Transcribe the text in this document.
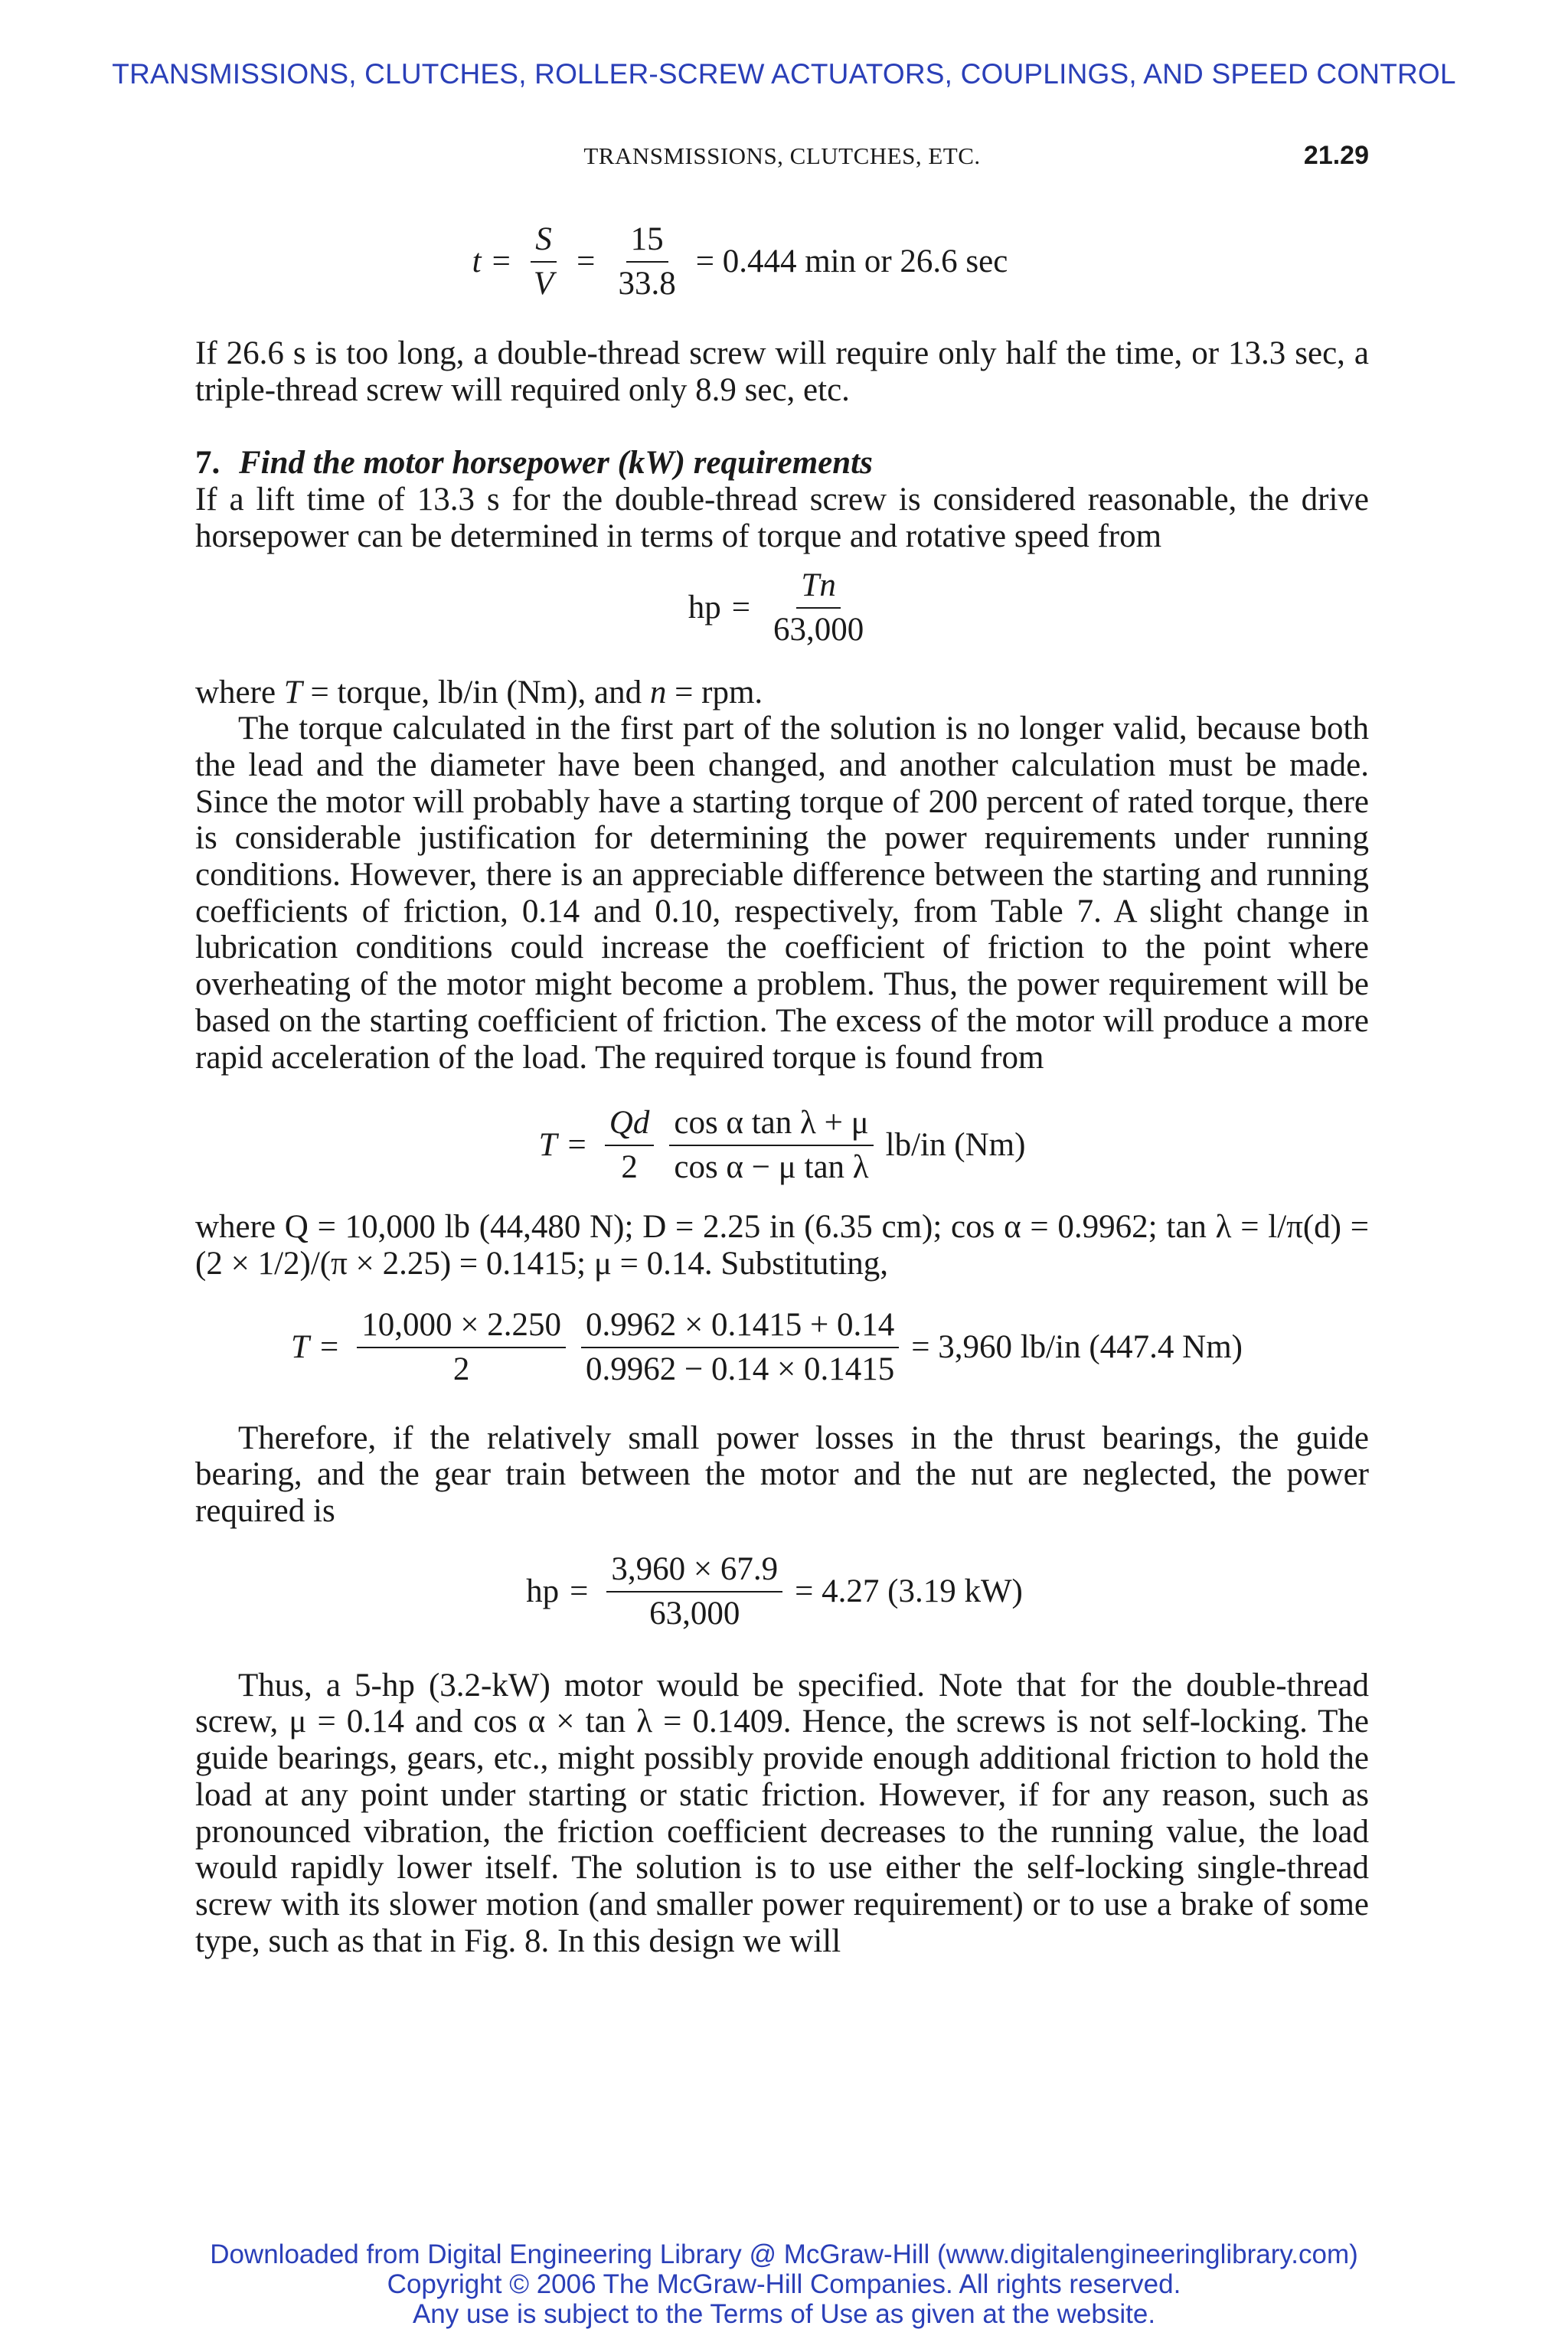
TRANSMISSIONS, CLUTCHES, ROLLER-SCREW ACTUATORS, COUPLINGS, AND SPEED CONTROL
TRANSMISSIONS, CLUTCHES, ETC.	21.29
$t = \frac{S}{V} = \frac{15}{33.8} = 0.444$ min or 26.6 sec

If 26.6 s is too long, a double-thread screw will require only half the time, or 13.3 sec, a triple-thread screw will required only 8.9 sec, etc.

7. Find the motor horsepower (kW) requirements

If a lift time of 13.3 s for the double-thread screw is considered reasonable, the drive horsepower can be determined in terms of torque and rotative speed from

hp = $\frac{Tn}{63,000}$

where T = torque, lb/in (Nm), and n = rpm.

The torque calculated in the first part of the solution is no longer valid, because both the lead and the diameter have been changed, and another calculation must be made. Since the motor will probably have a starting torque of 200 percent of rated torque, there is considerable justification for determining the power requirements under running conditions. However, there is an appreciable difference between the starting and running coefficients of friction, 0.14 and 0.10, respectively, from Table 7. A slight change in lubrication conditions could increase the coefficient of friction to the point where overheating of the motor might become a problem. Thus, the power requirement will be based on the starting coefficient of friction. The excess of the motor will produce a more rapid acceleration of the load. The required torque is found from

$T = \frac{Qd}{2} \frac{\text{cos α tan λ + μ}}{\text{cos α − μ tan λ}} lb/in$ (Nm)

where Q = 10,000 lb (44,480 N); D = 2.25 in (6.35 cm); cos α = 0.9962; tan λ = l/π(d) = (2 × 1/2)/(π × 2.25) = 0.1415; μ = 0.14. Substituting,

$T = \frac{10,000 \times 2.250}{2} \frac{0.9962 \times 0.1415 + 0.14}{0.9962 - 0.14 \times 0.1415} = 3,960$ lb/in (447.4 Nm)

Therefore, if the relatively small power losses in the thrust bearings, the guide bearing, and the gear train between the motor and the nut are neglected, the power required is

hp = $\frac{3,960 \times 67.9}{63,000} = 4.27$ (3.19 kW)

Thus, a 5-hp (3.2-kW) motor would be specified. Note that for the double-thread screw, μ = 0.14 and cos α × tan λ = 0.1409. Hence, the screws is not self-locking. The guide bearings, gears, etc., might possibly provide enough additional friction to hold the load at any point under starting or static friction. However, if for any reason, such as pronounced vibration, the friction coefficient decreases to the running value, the load would rapidly lower itself. The solution is to use either the self-locking single-thread screw with its slower motion (and smaller power requirement) or to use a brake of some type, such as that in Fig. 8. In this design we will

Downloaded from Digital Engineering Library @ McGraw-Hill (www.digitalengineeringlibrary.com)
Copyright © 2006 The McGraw-Hill Companies. All rights reserved.
Any use is subject to the Terms of Use as given at the website.
